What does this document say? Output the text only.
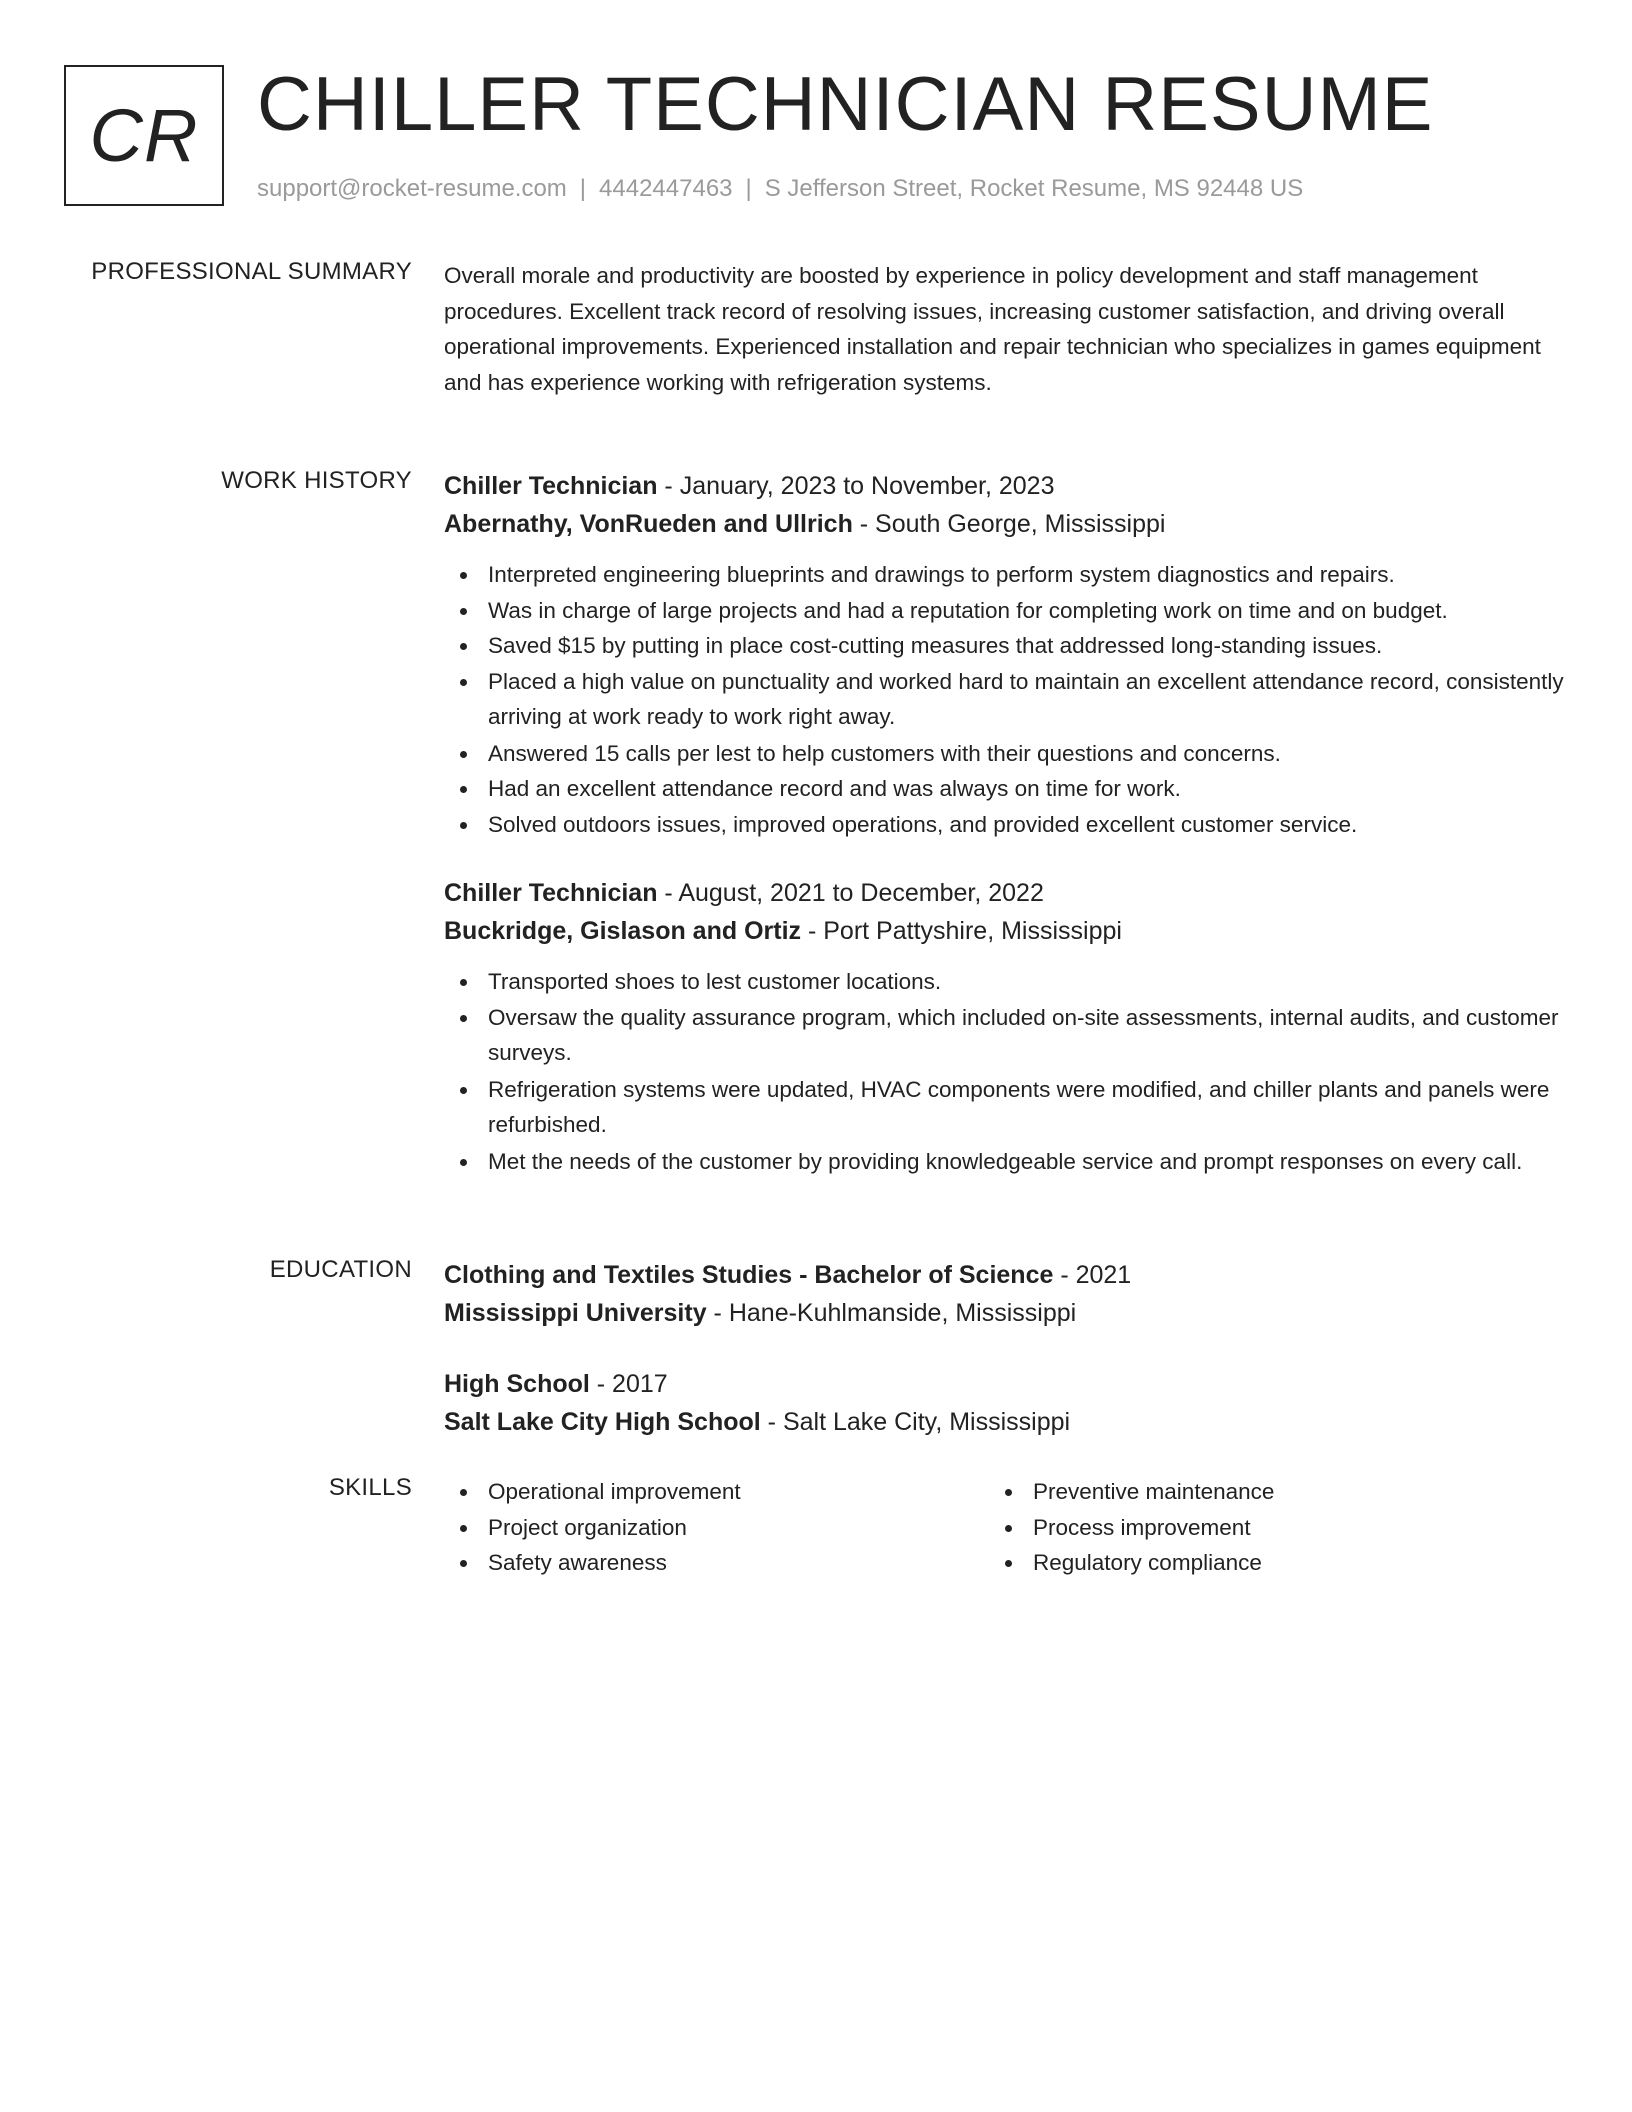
CR CHILLER TECHNICIAN RESUME
support@rocket-resume.com | 4442447463 | S Jefferson Street, Rocket Resume, MS 92448 US
PROFESSIONAL SUMMARY Overall morale and productivity are boosted by experience in policy development and staff management procedures. Excellent track record of resolving issues, increasing customer satisfaction, and driving overall operational improvements. Experienced installation and repair technician who specializes in games equipment and has experience working with refrigeration systems.

WORK HISTORY Chiller Technician - January, 2023 to November, 2023

Abernathy, VonRueden and Ullrich - South George, Mississippi

Interpreted engineering blueprints and drawings to perform system diagnostics and repairs.
Was in charge of large projects and had a reputation for completing work on time and on budget.
Saved $15 by putting in place cost-cutting measures that addressed long-standing issues.
Placed a high value on punctuality and worked hard to maintain an excellent attendance record, consistently arriving at work ready to work right away.
Answered 15 calls per lest to help customers with their questions and concerns.
Had an excellent attendance record and was always on time for work.
Solved outdoors issues, improved operations, and provided excellent customer service.

Chiller Technician - August, 2021 to December, 2022

Buckridge, Gislason and Ortiz - Port Pattyshire, Mississippi

Transported shoes to lest customer locations.
Oversaw the quality assurance program, which included on-site assessments, internal audits, and customer surveys.
Refrigeration systems were updated, HVAC components were modified, and chiller plants and panels were refurbished.
Met the needs of the customer by providing knowledgeable service and prompt responses on every call.
EDUCATION Clothing and Textiles Studies - Bachelor of Science - 2021

Mississippi University - Hane-Kuhlmanside, Mississippi

High School - 2017

Salt Lake City High School - Salt Lake City, Mississippi

SKILLS	Operational improvement
Project organization
Safety awareness
Preventive maintenance
Process improvement
Regulatory compliance
